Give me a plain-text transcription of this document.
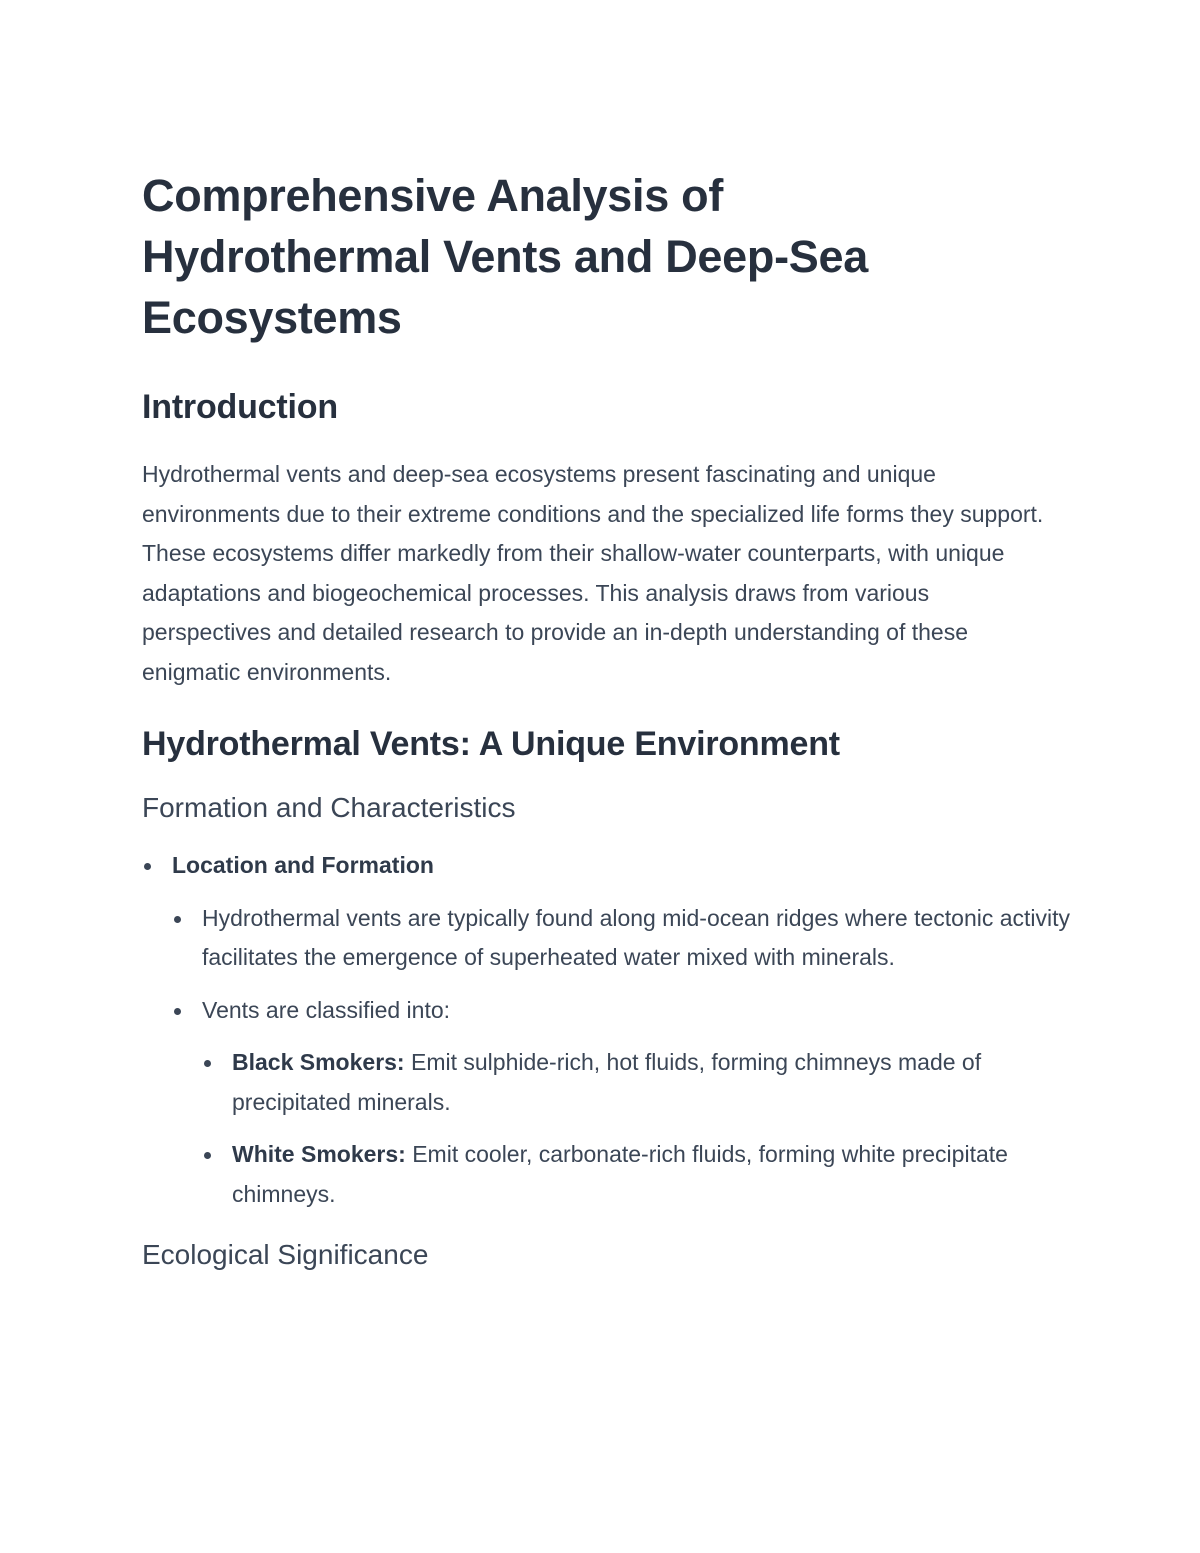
Comprehensive Analysis of Hydrothermal Vents and Deep-Sea Ecosystems
Introduction

Hydrothermal vents and deep-sea ecosystems present fascinating and unique environments due to their extreme conditions and the specialized life forms they support. These ecosystems differ markedly from their shallow-water counterparts, with unique adaptations and biogeochemical processes. This analysis draws from various perspectives and detailed research to provide an in-depth understanding of these enigmatic environments.

Hydrothermal Vents: A Unique Environment
Formation and Characteristics
Location and Formation
Hydrothermal vents are typically found along mid-ocean ridges where tectonic activity facilitates the emergence of superheated water mixed with minerals.
Vents are classified into:
Black Smokers: Emit sulphide-rich, hot fluids, forming chimneys made of precipitated minerals.
White Smokers: Emit cooler, carbonate-rich fluids, forming white precipitate chimneys.
Ecological Significance
